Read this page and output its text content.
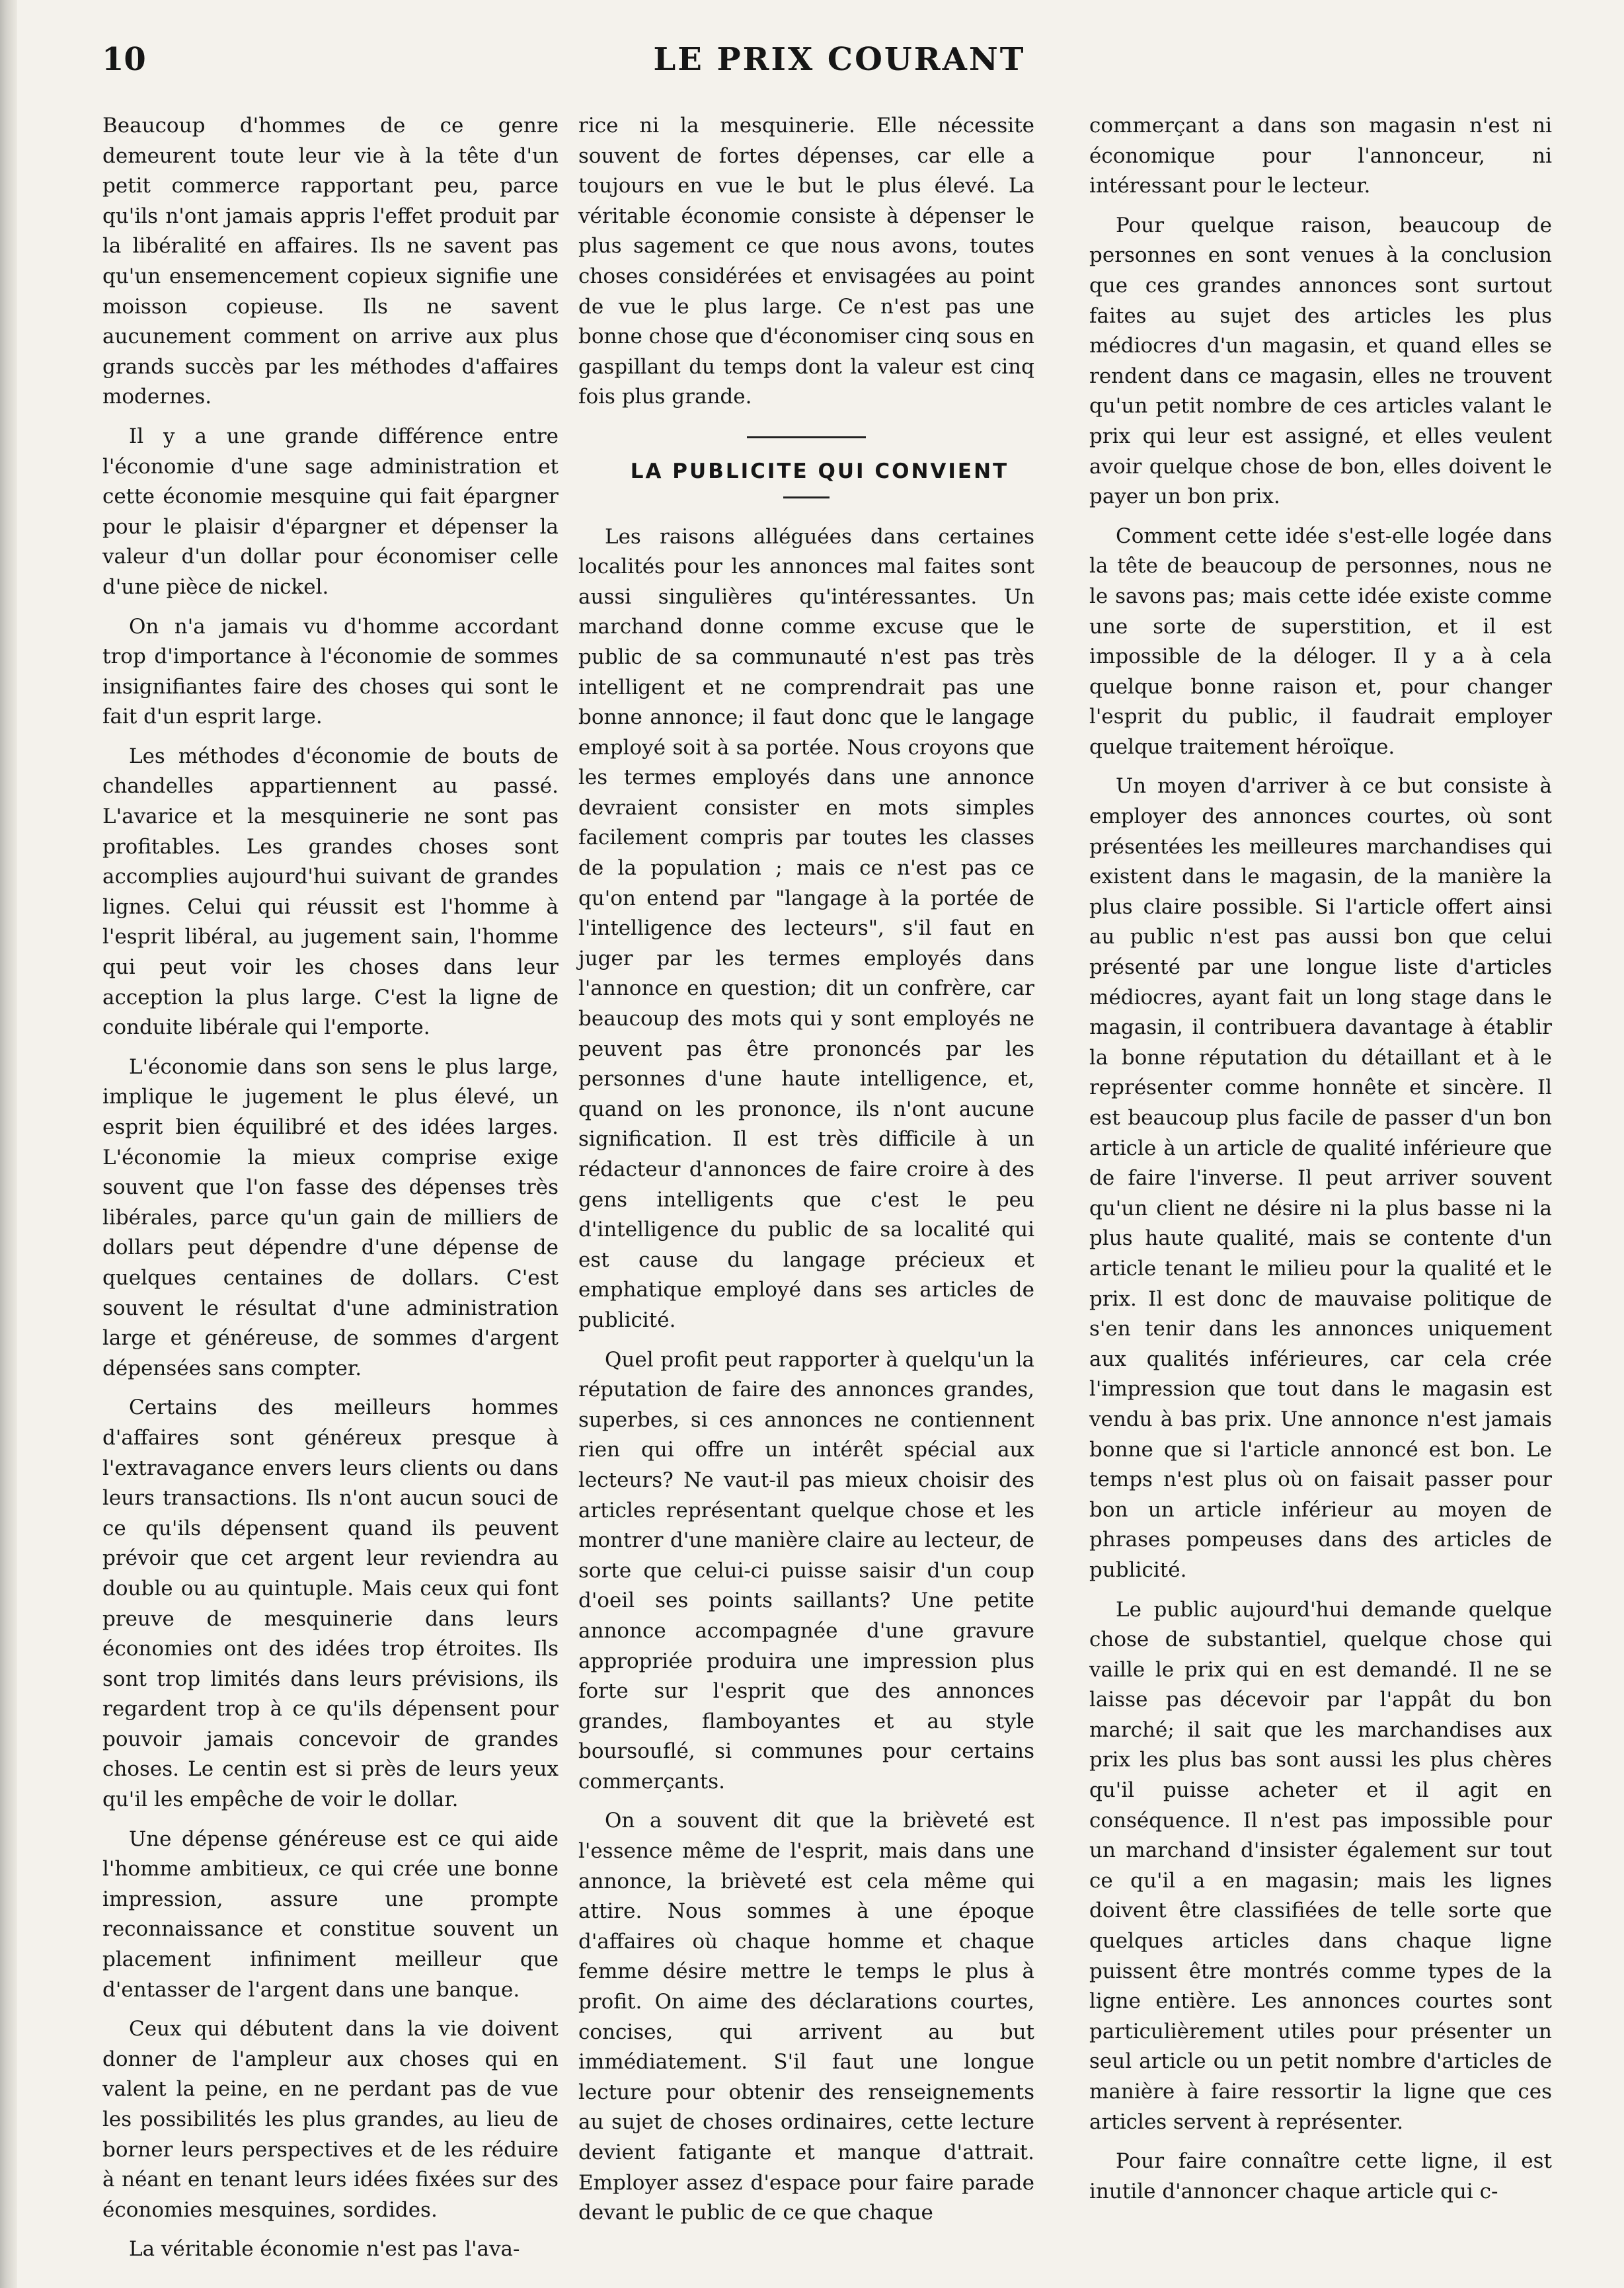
10	LE PRIX COURANT

Beaucoup d'hommes de ce genre demeurent toute leur vie à la tête d'un petit commerce rapportant peu, parce qu'ils n'ont jamais appris l'effet produit par la libéralité en affaires. Ils ne savent pas qu'un ensemencement copieux signifie une moisson copieuse. Ils ne savent aucunement comment on arrive aux plus grands succès par les méthodes d'affaires modernes.

Il y a une grande différence entre l'économie d'une sage administration et cette économie mesquine qui fait épargner pour le plaisir d'épargner et dépenser la valeur d'un dollar pour économiser celle d'une pièce de nickel.

On n'a jamais vu d'homme accordant trop d'importance à l'économie de sommes insignifiantes faire des choses qui sont le fait d'un esprit large.

Les méthodes d'économie de bouts de chandelles appartiennent au passé. L'avarice et la mesquinerie ne sont pas profitables. Les grandes choses sont accomplies aujourd'hui suivant de grandes lignes. Celui qui réussit est l'homme à l'esprit libéral, au jugement sain, l'homme qui peut voir les choses dans leur acception la plus large. C'est la ligne de conduite libérale qui l'emporte.

L'économie dans son sens le plus large, implique le jugement le plus élevé, un esprit bien équilibré et des idées larges. L'économie la mieux comprise exige souvent que l'on fasse des dépenses très libérales, parce qu'un gain de milliers de dollars peut dépendre d'une dépense de quelques centaines de dollars. C'est souvent le résultat d'une administration large et généreuse, de sommes d'argent dépensées sans compter.

Certains des meilleurs hommes d'affaires sont généreux presque à l'extravagance envers leurs clients ou dans leurs transactions. Ils n'ont aucun souci de ce qu'ils dépensent quand ils peuvent prévoir que cet argent leur reviendra au double ou au quintuple. Mais ceux qui font preuve de mesquinerie dans leurs économies ont des idées trop étroites. Ils sont trop limités dans leurs prévisions, ils regardent trop à ce qu'ils dépensent pour pouvoir jamais concevoir de grandes choses. Le centin est si près de leurs yeux qu'il les empêche de voir le dollar.

Une dépense généreuse est ce qui aide l'homme ambitieux, ce qui crée une bonne impression, assure une prompte reconnaissance et constitue souvent un placement infiniment meilleur que d'entasser de l'argent dans une banque.

Ceux qui débutent dans la vie doivent donner de l'ampleur aux choses qui en valent la peine, en ne perdant pas de vue les possibilités les plus grandes, au lieu de borner leurs perspectives et de les réduire à néant en tenant leurs idées fixées sur des économies mesquines, sordides.

La véritable économie n'est pas l'ava-

rice ni la mesquinerie. Elle nécessite souvent de fortes dépenses, car elle a toujours en vue le but le plus élevé. La véritable économie consiste à dépenser le plus sagement ce que nous avons, toutes choses considérées et envisagées au point de vue le plus large. Ce n'est pas une bonne chose que d'économiser cinq sous en gaspillant du temps dont la valeur est cinq fois plus grande.

LA PUBLICITE QUI CONVIENT

Les raisons alléguées dans certaines localités pour les annonces mal faites sont aussi singulières qu'intéressantes. Un marchand donne comme excuse que le public de sa communauté n'est pas très intelligent et ne comprendrait pas une bonne annonce; il faut donc que le langage employé soit à sa portée. Nous croyons que les termes employés dans une annonce devraient consister en mots simples facilement compris par toutes les classes de la population ; mais ce n'est pas ce qu'on entend par "langage à la portée de l'intelligence des lecteurs", s'il faut en juger par les termes employés dans l'annonce en question; dit un confrère, car beaucoup des mots qui y sont employés ne peuvent pas être prononcés par les personnes d'une haute intelligence, et, quand on les prononce, ils n'ont aucune signification. Il est très difficile à un rédacteur d'annonces de faire croire à des gens intelligents que c'est le peu d'intelligence du public de sa localité qui est cause du langage précieux et emphatique employé dans ses articles de publicité.

Quel profit peut rapporter à quelqu'un la réputation de faire des annonces grandes, superbes, si ces annonces ne contiennent rien qui offre un intérêt spécial aux lecteurs? Ne vaut-il pas mieux choisir des articles représentant quelque chose et les montrer d'une manière claire au lecteur, de sorte que celui-ci puisse saisir d'un coup d'oeil ses points saillants? Une petite annonce accompagnée d'une gravure appropriée produira une impression plus forte sur l'esprit que des annonces grandes, flamboyantes et au style boursouflé, si communes pour certains commerçants.

On a souvent dit que la brièveté est l'essence même de l'esprit, mais dans une annonce, la brièveté est cela même qui attire. Nous sommes à une époque d'affaires où chaque homme et chaque femme désire mettre le temps le plus à profit. On aime des déclarations courtes, concises, qui arrivent au but immédiatement. S'il faut une longue lecture pour obtenir des renseignements au sujet de choses ordinaires, cette lecture devient fatigante et manque d'attrait. Employer assez d'espace pour faire parade devant le public de ce que chaque

commerçant a dans son magasin n'est ni économique pour l'annonceur, ni intéressant pour le lecteur.

Pour quelque raison, beaucoup de personnes en sont venues à la conclusion que ces grandes annonces sont surtout faites au sujet des articles les plus médiocres d'un magasin, et quand elles se rendent dans ce magasin, elles ne trouvent qu'un petit nombre de ces articles valant le prix qui leur est assigné, et elles veulent avoir quelque chose de bon, elles doivent le payer un bon prix.

Comment cette idée s'est-elle logée dans la tête de beaucoup de personnes, nous ne le savons pas; mais cette idée existe comme une sorte de superstition, et il est impossible de la déloger. Il y a à cela quelque bonne raison et, pour changer l'esprit du public, il faudrait employer quelque traitement héroïque.

Un moyen d'arriver à ce but consiste à employer des annonces courtes, où sont présentées les meilleures marchandises qui existent dans le magasin, de la manière la plus claire possible. Si l'article offert ainsi au public n'est pas aussi bon que celui présenté par une longue liste d'articles médiocres, ayant fait un long stage dans le magasin, il contribuera davantage à établir la bonne réputation du détaillant et à le représenter comme honnête et sincère. Il est beaucoup plus facile de passer d'un bon article à un article de qualité inférieure que de faire l'inverse. Il peut arriver souvent qu'un client ne désire ni la plus basse ni la plus haute qualité, mais se contente d'un article tenant le milieu pour la qualité et le prix. Il est donc de mauvaise politique de s'en tenir dans les annonces uniquement aux qualités inférieures, car cela crée l'impression que tout dans le magasin est vendu à bas prix. Une annonce n'est jamais bonne que si l'article annoncé est bon. Le temps n'est plus où on faisait passer pour bon un article inférieur au moyen de phrases pompeuses dans des articles de publicité.

Le public aujourd'hui demande quelque chose de substantiel, quelque chose qui vaille le prix qui en est demandé. Il ne se laisse pas décevoir par l'appât du bon marché; il sait que les marchandises aux prix les plus bas sont aussi les plus chères qu'il puisse acheter et il agit en conséquence. Il n'est pas impossible pour un marchand d'insister également sur tout ce qu'il a en magasin; mais les lignes doivent être classifiées de telle sorte que quelques articles dans chaque ligne puissent être montrés comme types de la ligne entière. Les annonces courtes sont particulièrement utiles pour présenter un seul article ou un petit nombre d'articles de manière à faire ressortir la ligne que ces articles servent à représenter.

Pour faire connaître cette ligne, il est inutile d'annoncer chaque article qui c-
